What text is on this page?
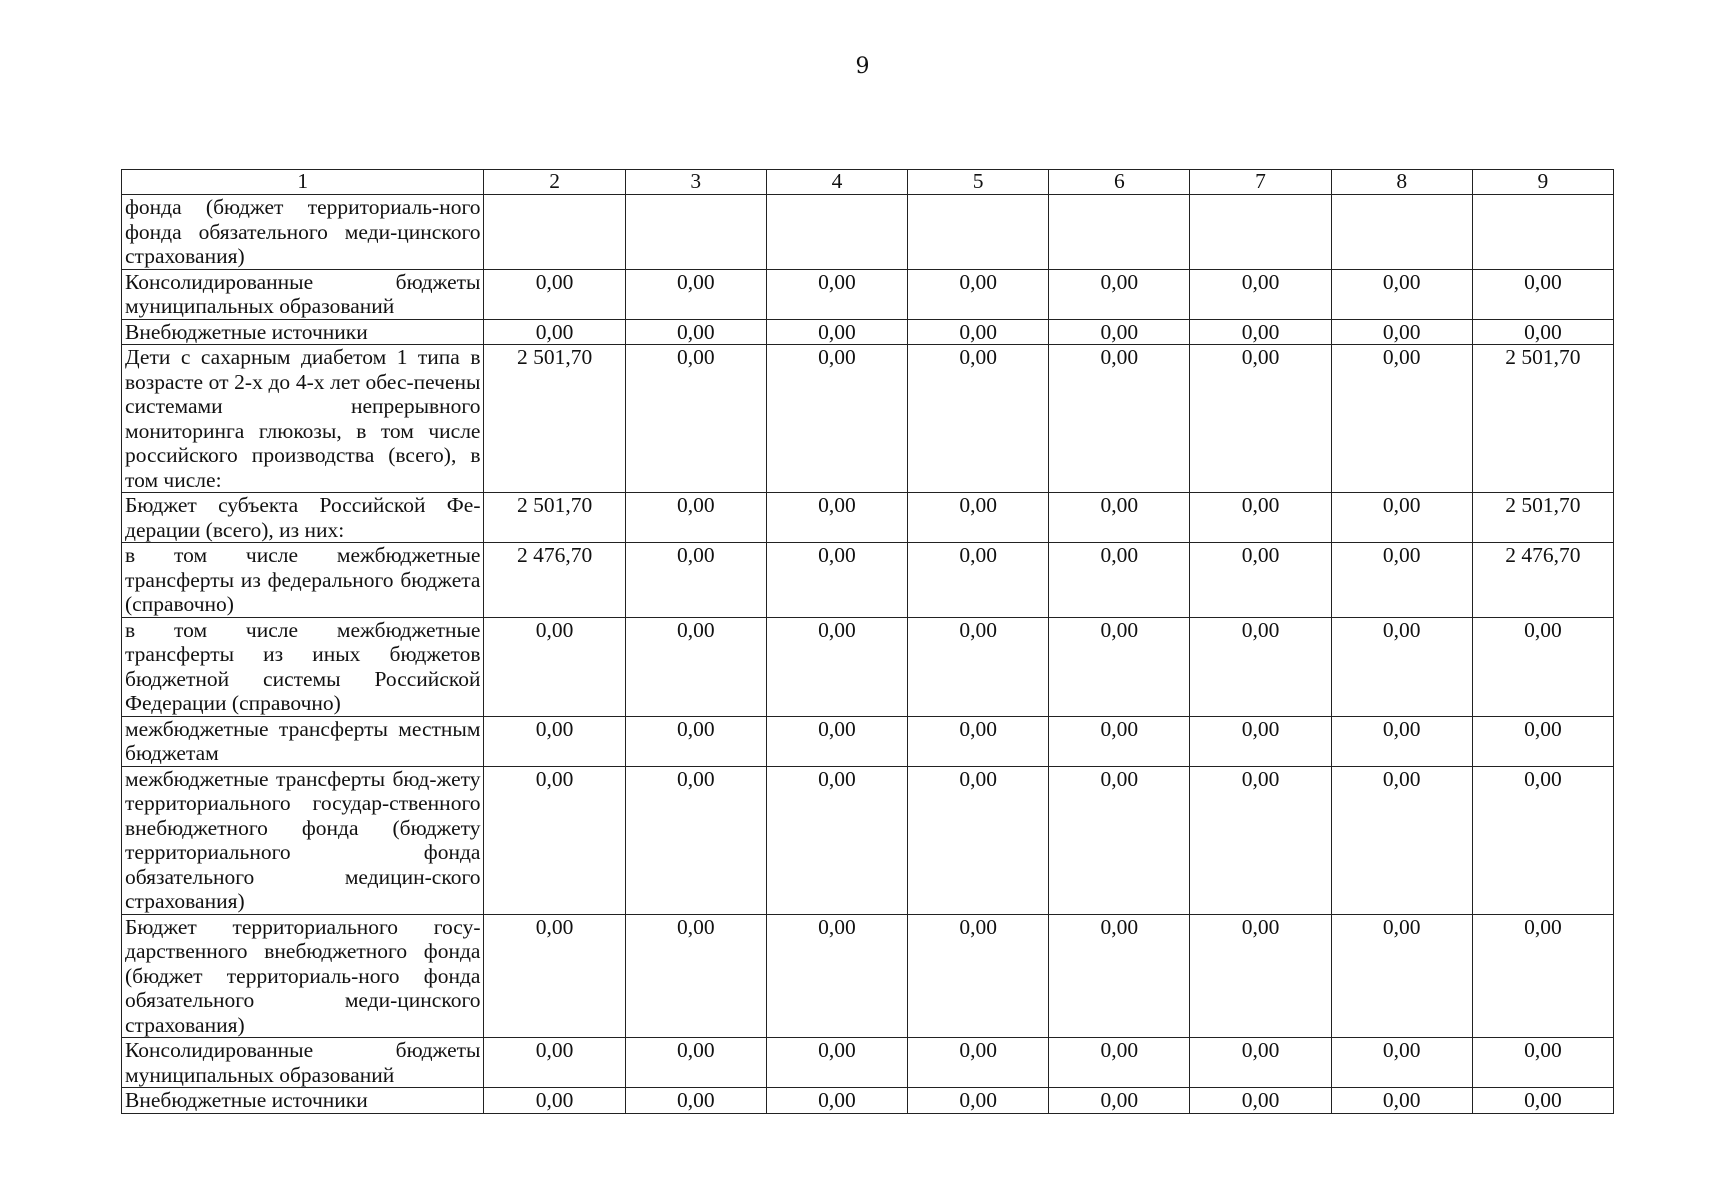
9
1	2	3	4	5	6	7	8	9
фонда (бюджет территориаль-ного фонда обязательного меди-цинского страхования)								
Консолидированные бюджеты муниципальных образований	0,00	0,00	0,00	0,00	0,00	0,00	0,00	0,00
Внебюджетные источники	0,00	0,00	0,00	0,00	0,00	0,00	0,00	0,00
Дети с сахарным диабетом 1 типа в возрасте от 2-х до 4-х лет обес-печены системами непрерывного мониторинга глюкозы, в том числе российского производства (всего), в том числе:	2 501,70	0,00	0,00	0,00	0,00	0,00	0,00	2 501,70
Бюджет субъекта Российской Фе-дерации (всего), из них:	2 501,70	0,00	0,00	0,00	0,00	0,00	0,00	2 501,70
в том числе межбюджетные трансферты из федерального бюджета (справочно)	2 476,70	0,00	0,00	0,00	0,00	0,00	0,00	2 476,70
в том числе межбюджетные трансферты из иных бюджетов бюджетной системы Российской Федерации (справочно)	0,00	0,00	0,00	0,00	0,00	0,00	0,00	0,00
межбюджетные трансферты местным бюджетам	0,00	0,00	0,00	0,00	0,00	0,00	0,00	0,00
межбюджетные трансферты бюд-жету территориального государ-ственного внебюджетного фонда (бюджету территориального фонда обязательного медицин-ского страхования)	0,00	0,00	0,00	0,00	0,00	0,00	0,00	0,00
Бюджет территориального госу-дарственного внебюджетного фонда (бюджет территориаль-ного фонда обязательного меди-цинского страхования)	0,00	0,00	0,00	0,00	0,00	0,00	0,00	0,00
Консолидированные бюджеты муниципальных образований	0,00	0,00	0,00	0,00	0,00	0,00	0,00	0,00
Внебюджетные источники	0,00	0,00	0,00	0,00	0,00	0,00	0,00	0,00
